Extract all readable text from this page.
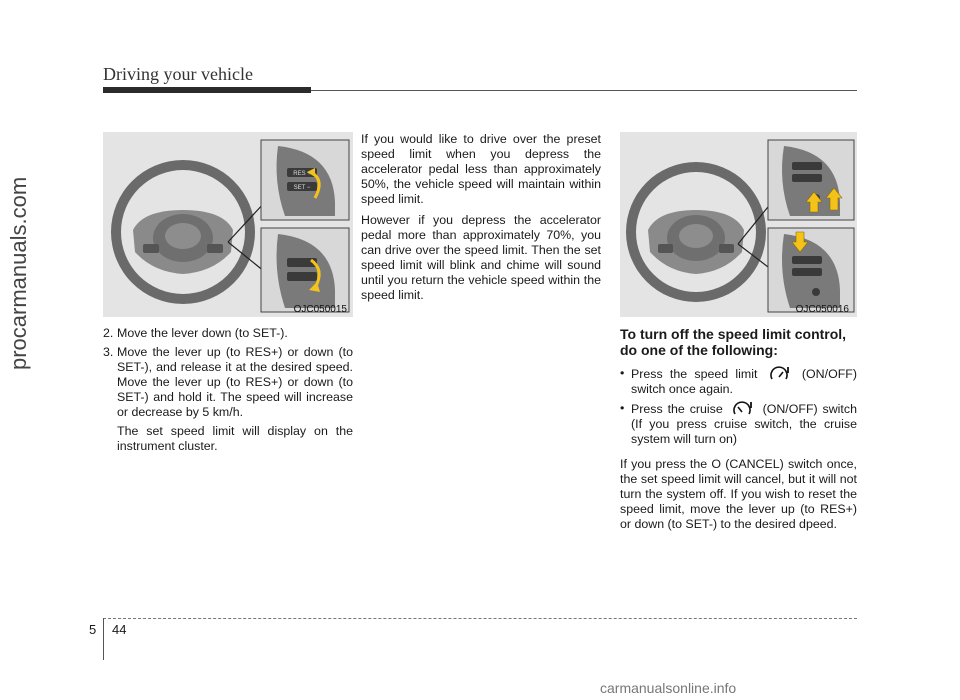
Driving your vehicle
procarmanuals.com
RES +
SET −
OJC050015
2. Move the lever down (to SET-).
3. Move the lever up (to RES+) or down (to SET-), and release it at the desired speed. Move the lever up (to RES+) or down (to SET-) and hold it. The speed will increase or decrease by 5 km/h.

The set speed limit will display on the instrument cluster.

If you would like to drive over the preset speed limit when you depress the accelerator pedal less than approximately 50%, the vehicle speed will maintain within speed limit.

However if you depress the accelerator pedal more than approximately 70%, you can drive over the speed limit. Then the set speed limit will blink and chime will sound until you return the vehicle speed within the speed limit.

OJC050016
To turn off the speed limit control, do one of the following:
• Press the speed limit	(ON/OFF) switch once again.
• Press the cruise	(ON/OFF) switch (If you press cruise switch, the cruise system will turn on)

If you press the O (CANCEL) switch once, the set speed limit will cancel, but it will not turn the system off. If you wish to reset the speed limit, move the lever up (to RES+) or down (to SET-) to the desired dpeed.

5 44
carmanualsonline.info
